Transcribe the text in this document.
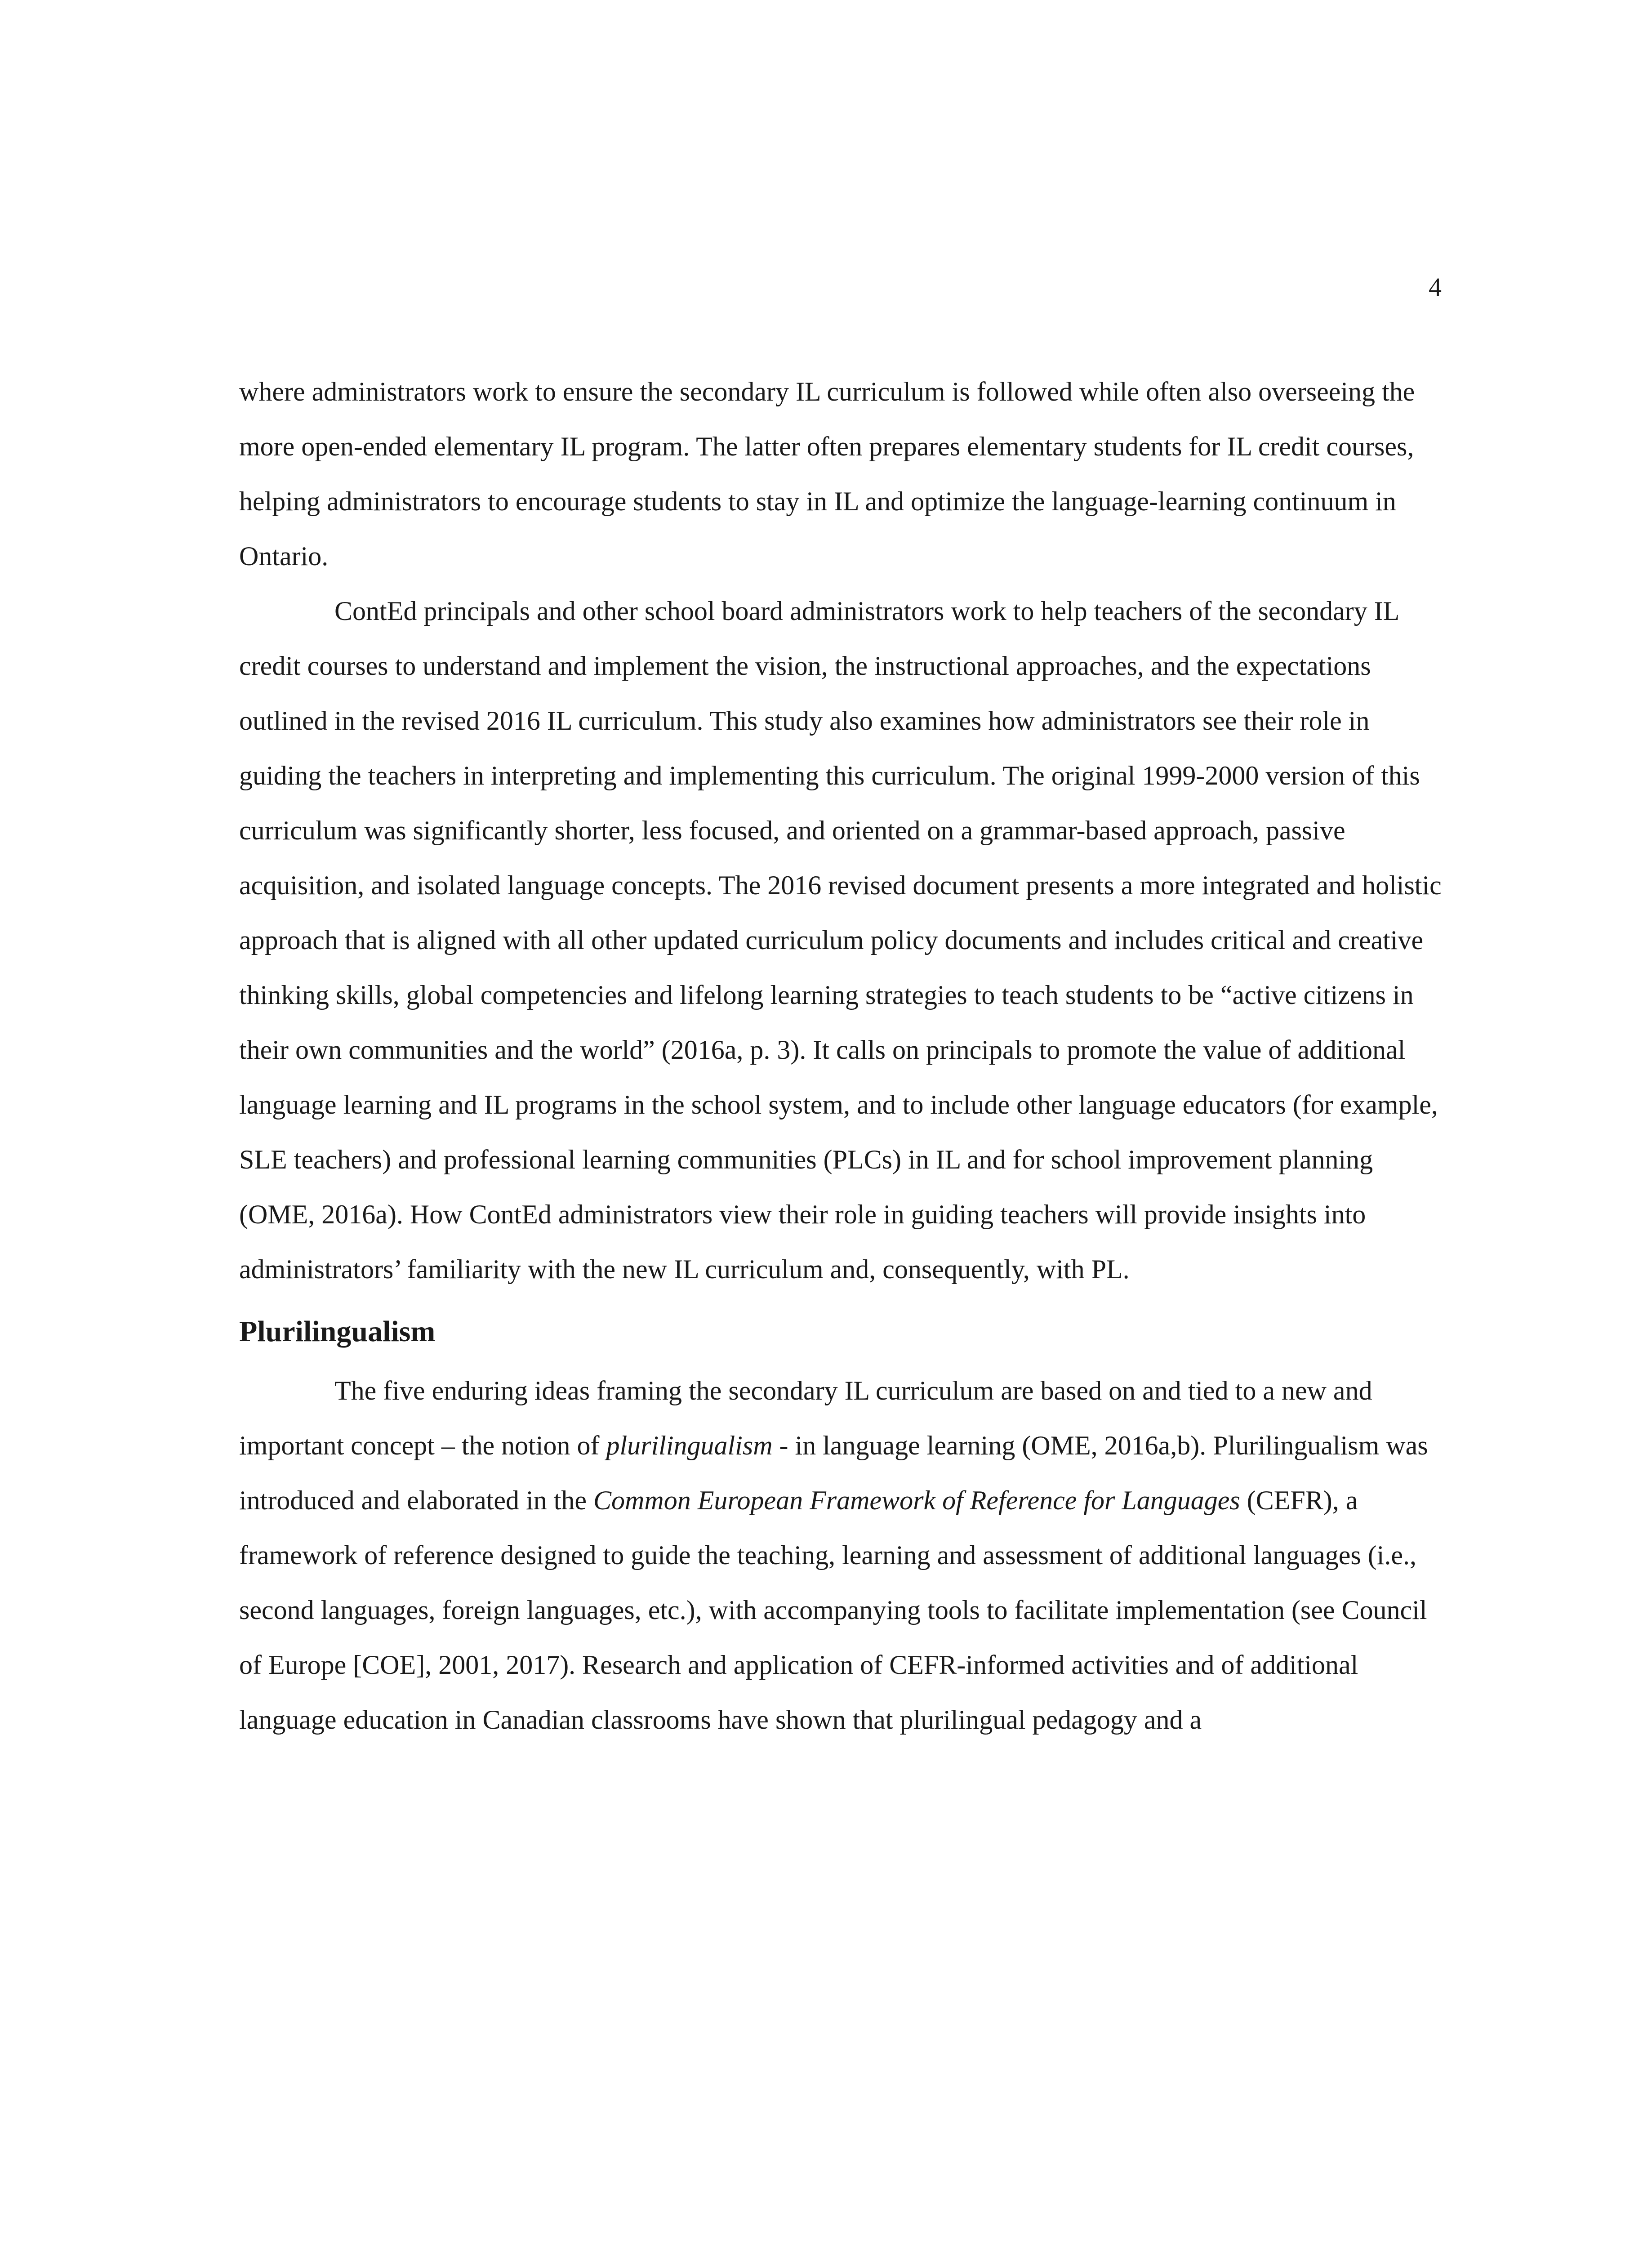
4

where administrators work to ensure the secondary IL curriculum is followed while often also overseeing the more open-ended elementary IL program. The latter often prepares elementary students for IL credit courses, helping administrators to encourage students to stay in IL and optimize the language-learning continuum in Ontario.

ContEd principals and other school board administrators work to help teachers of the secondary IL credit courses to understand and implement the vision, the instructional approaches, and the expectations outlined in the revised 2016 IL curriculum. This study also examines how administrators see their role in guiding the teachers in interpreting and implementing this curriculum. The original 1999-2000 version of this curriculum was significantly shorter, less focused, and oriented on a grammar-based approach, passive acquisition, and isolated language concepts. The 2016 revised document presents a more integrated and holistic approach that is aligned with all other updated curriculum policy documents and includes critical and creative thinking skills, global competencies and lifelong learning strategies to teach students to be “active citizens in their own communities and the world” (2016a, p. 3). It calls on principals to promote the value of additional language learning and IL programs in the school system, and to include other language educators (for example, SLE teachers) and professional learning communities (PLCs) in IL and for school improvement planning (OME, 2016a). How ContEd administrators view their role in guiding teachers will provide insights into administrators’ familiarity with the new IL curriculum and, consequently, with PL.

Plurilingualism

The five enduring ideas framing the secondary IL curriculum are based on and tied to a new and important concept – the notion of plurilingualism - in language learning (OME, 2016a,b). Plurilingualism was introduced and elaborated in the Common European Framework of Reference for Languages (CEFR), a framework of reference designed to guide the teaching, learning and assessment of additional languages (i.e., second languages, foreign languages, etc.), with accompanying tools to facilitate implementation (see Council of Europe [COE], 2001, 2017). Research and application of CEFR-informed activities and of additional language education in Canadian classrooms have shown that plurilingual pedagogy and a
